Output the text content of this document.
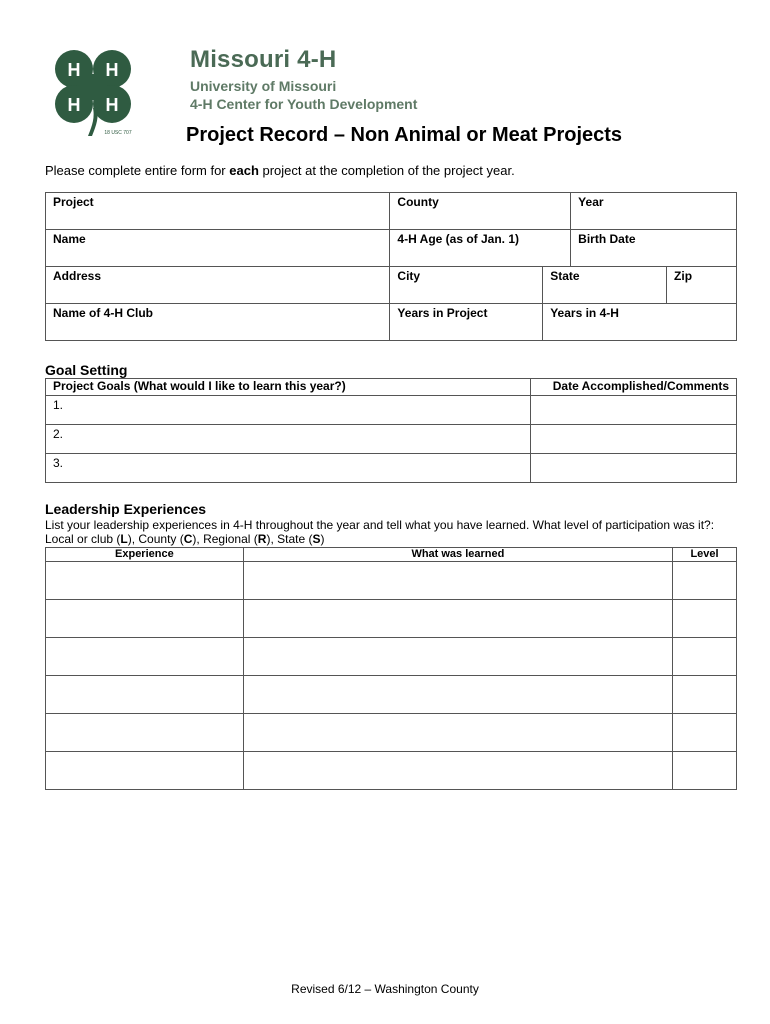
H H
H H
18 USC 707
Missouri 4-H
University of Missouri
4-H Center for Youth Development
Project Record – Non Animal or Meat Projects
Please complete entire form for each project at the completion of the project year.
Project	County		Year	
Name	4-H Age (as of Jan. 1)		Birth Date	
Address	City	State		Zip
Name of 4-H Club	Years in Project	Years in 4-H		
Goal Setting
Project Goals (What would I like to learn this year?)	Date Accomplished/Comments
1.	
2.	
3.	
Leadership Experiences
List your leadership experiences in 4-H throughout the year and tell what you have learned. What level of participation was it?: Local or club (L), County (C), Regional (R), State (S)
Experience	What was learned	Level

Revised 6/12 – Washington County
